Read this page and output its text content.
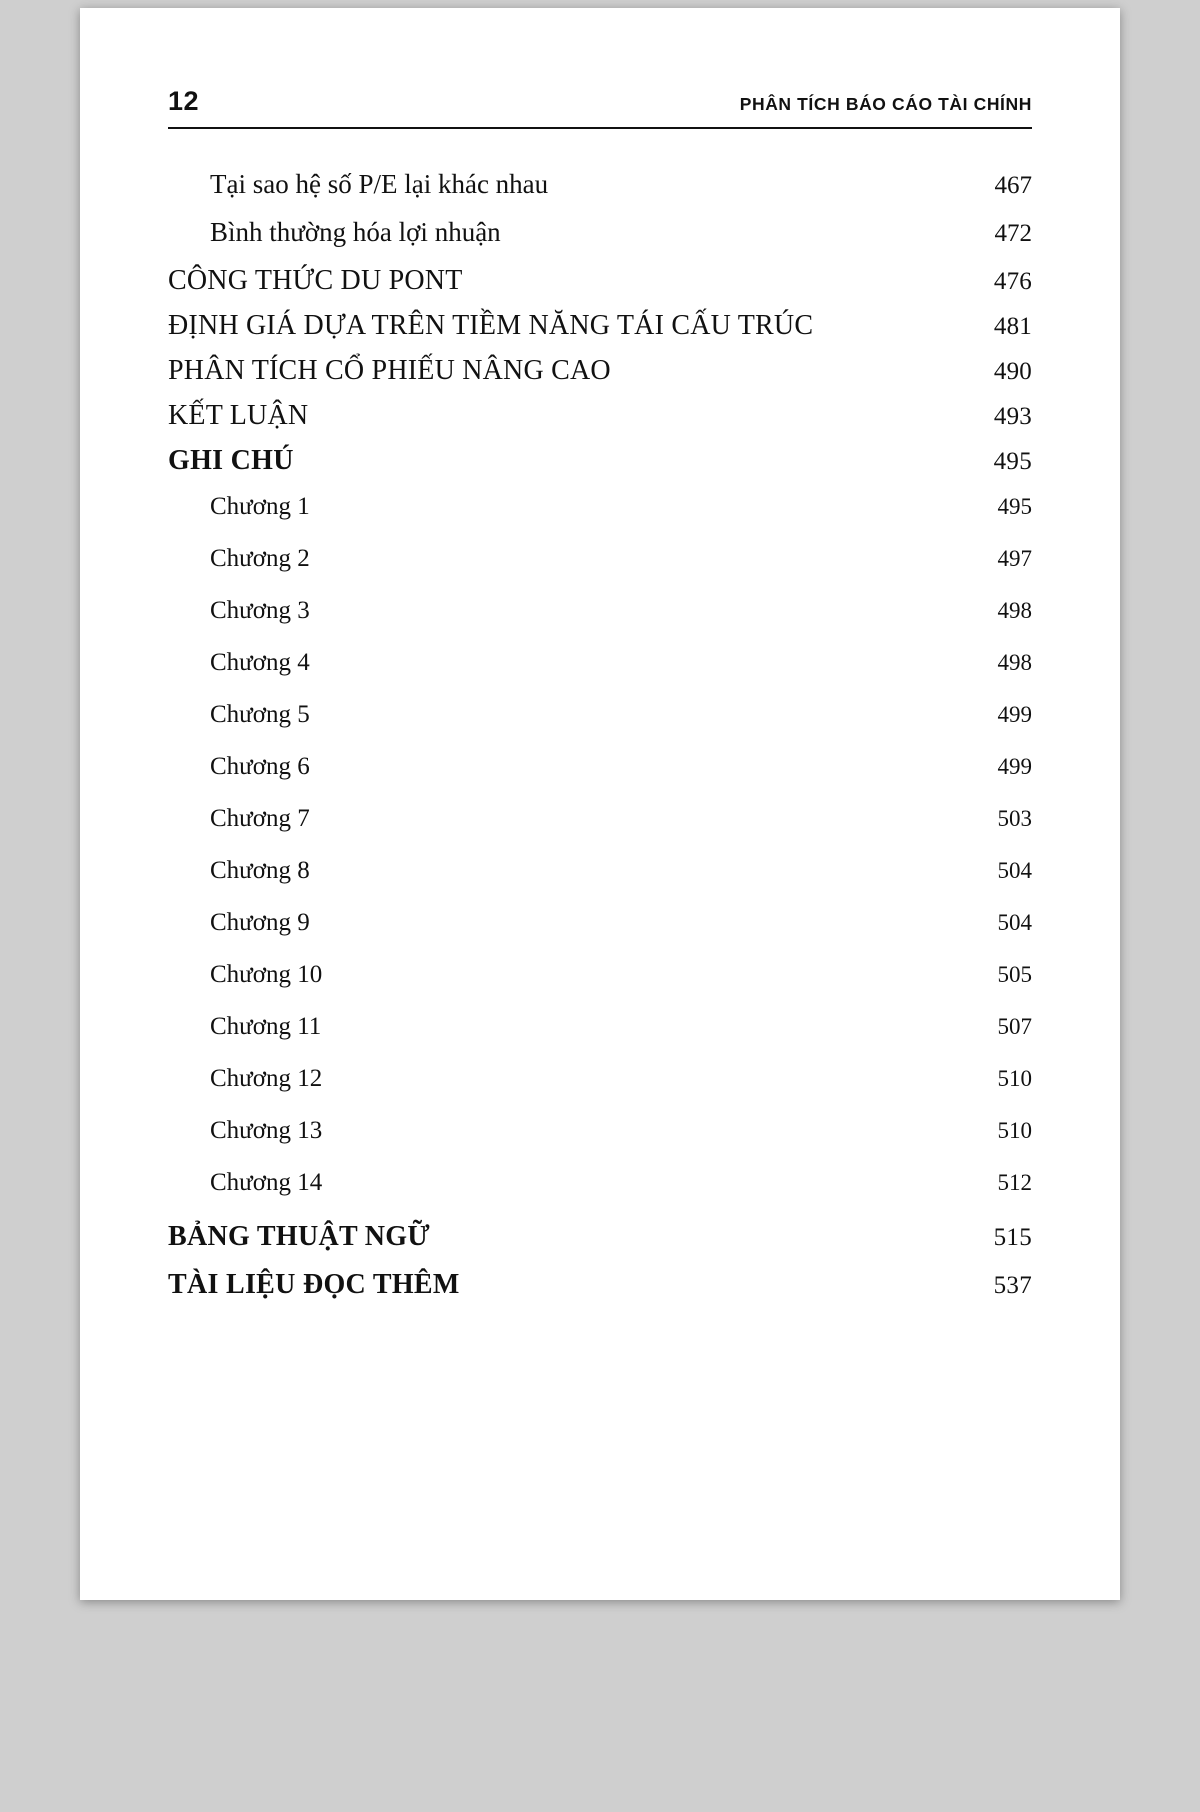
12	PHÂN TÍCH BÁO CÁO TÀI CHÍNH
Tại sao hệ số P/E lại khác nhau	467
Bình thường hóa lợi nhuận	472
CÔNG THỨC DU PONT	476
ĐỊNH GIÁ DỰA TRÊN TIỀM NĂNG TÁI CẤU TRÚC	481
PHÂN TÍCH CỔ PHIẾU NÂNG CAO	490
KẾT LUẬN	493
GHI CHÚ	495
Chương 1	495
Chương 2	497
Chương 3	498
Chương 4	498
Chương 5	499
Chương 6	499
Chương 7	503
Chương 8	504
Chương 9	504
Chương 10	505
Chương 11	507
Chương 12	510
Chương 13	510
Chương 14	512
BẢNG THUẬT NGỮ	515
TÀI LIỆU ĐỌC THÊM	537
